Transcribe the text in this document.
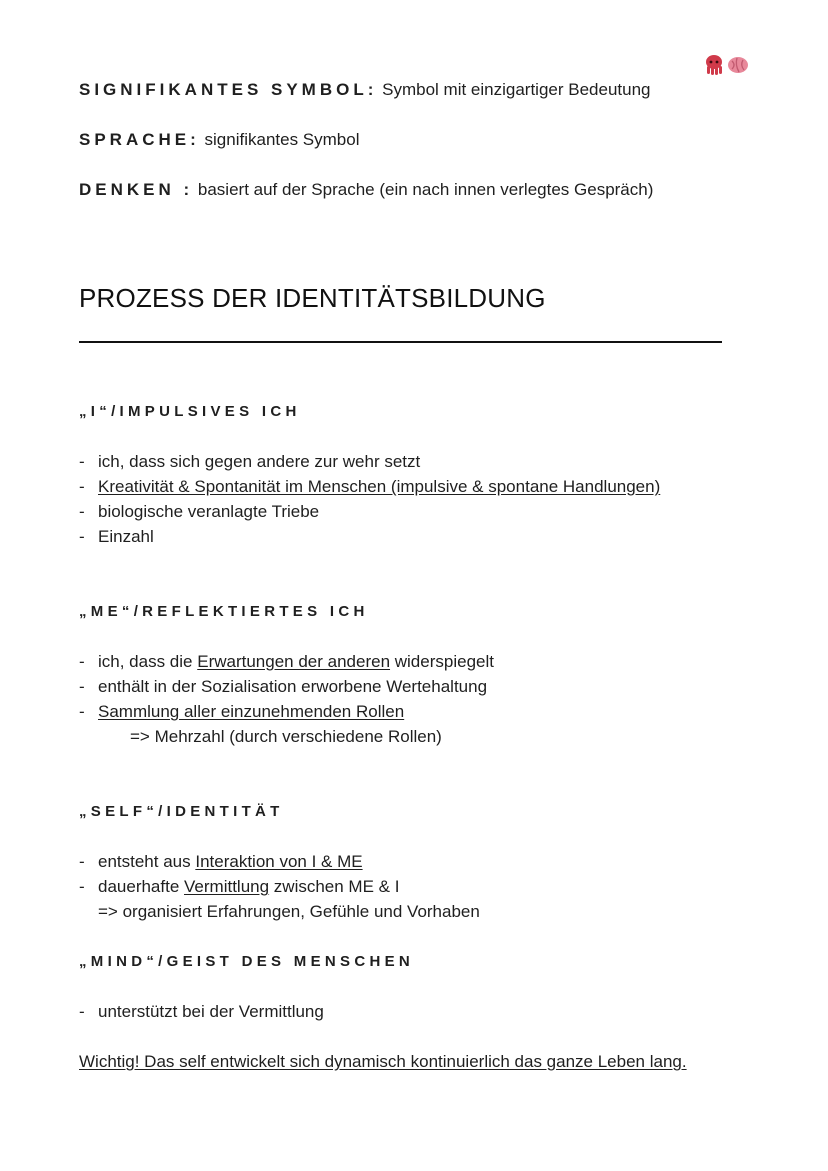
SIGNIFIKANTES SYMBOL: Symbol mit einzigartiger Bedeutung
SPRACHE: signifikantes Symbol
DENKEN : basiert auf der Sprache (ein nach innen verlegtes Gespräch)
PROZESS DER IDENTITÄTSBILDUNG
„I“/IMPULSIVES ICH
- ich, dass sich gegen andere zur wehr setzt
- Kreativität & Spontanität im Menschen (impulsive & spontane Handlungen)
- biologische veranlagte Triebe
- Einzahl
„ME“/REFLEKTIERTES ICH
- ich, dass die Erwartungen der anderen widerspiegelt
- enthält in der Sozialisation erworbene Wertehaltung
- Sammlung aller einzunehmenden Rollen
=> Mehrzahl (durch verschiedene Rollen)
„SELF“/IDENTITÄT
- entsteht aus Interaktion von I & ME
- dauerhafte Vermittlung zwischen ME & I
=> organisiert Erfahrungen, Gefühle und Vorhaben
„MIND“/GEIST DES MENSCHEN
- unterstützt bei der Vermittlung
Wichtig! Das self entwickelt sich dynamisch kontinuierlich das ganze Leben lang.
